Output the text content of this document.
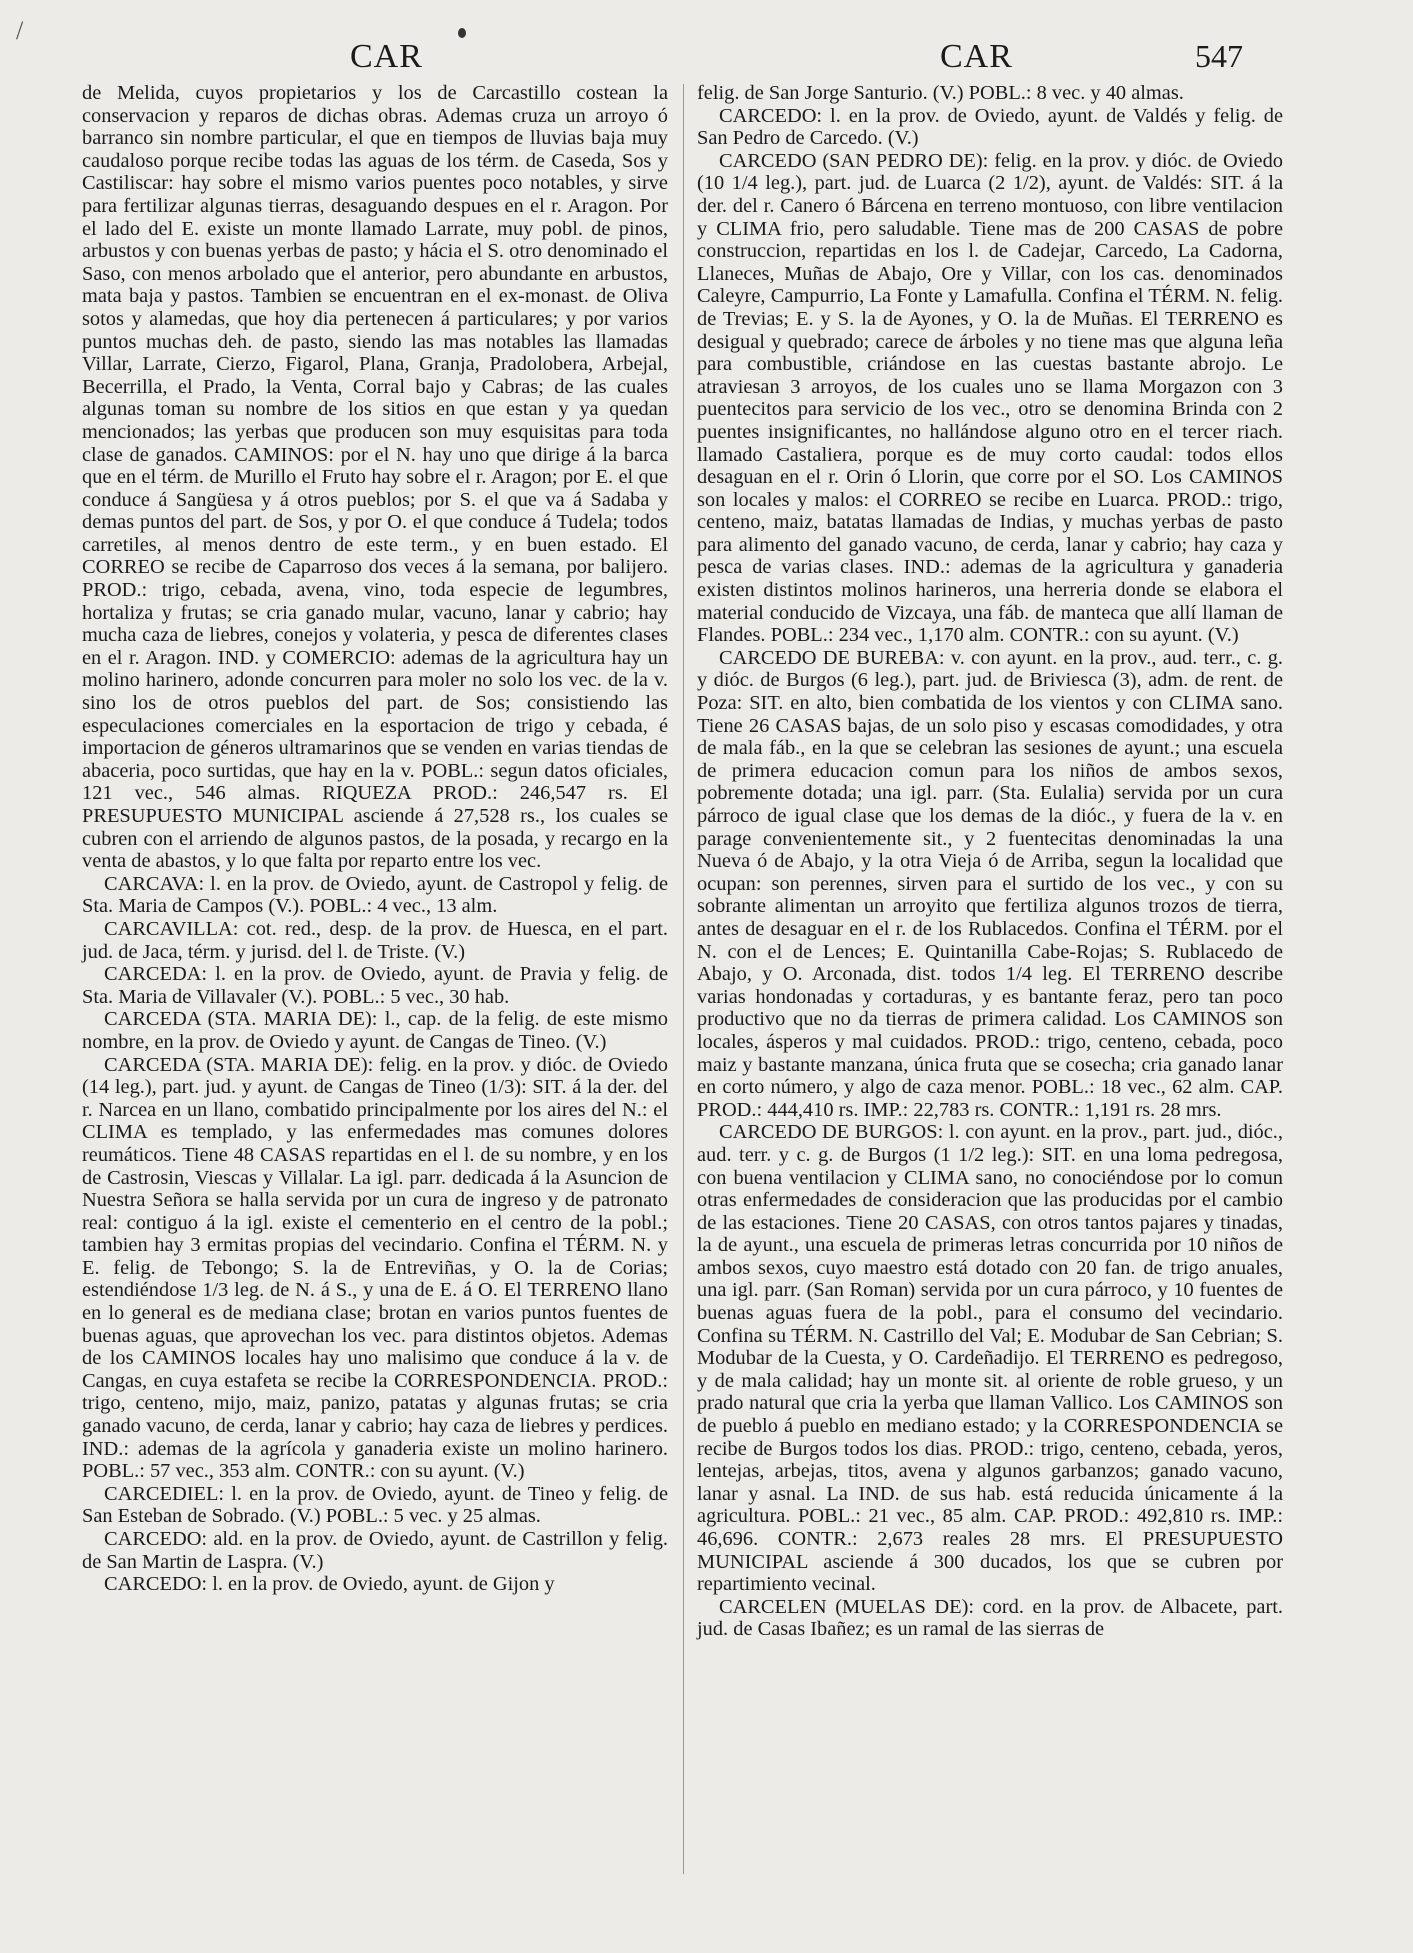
/
CAR	CAR	547

de Melida, cuyos propietarios y los de Carcastillo costean la conservacion y reparos de dichas obras. Ademas cruza un arroyo ó barranco sin nombre particular, el que en tiempos de lluvias baja muy caudaloso porque recibe todas las aguas de los térm. de Caseda, Sos y Castiliscar: hay sobre el mismo varios puentes poco notables, y sirve para fertilizar algunas tierras, desaguando despues en el r. Aragon. Por el lado del E. existe un monte llamado Larrate, muy pobl. de pinos, arbustos y con buenas yerbas de pasto; y hácia el S. otro denominado el Saso, con menos arbolado que el anterior, pero abundante en arbustos, mata baja y pastos. Tambien se encuentran en el ex-monast. de Oliva sotos y alamedas, que hoy dia pertenecen á particulares; y por varios puntos muchas deh. de pasto, siendo las mas notables las llamadas Villar, Larrate, Cierzo, Figarol, Plana, Granja, Pradolobera, Arbejal, Becerrilla, el Prado, la Venta, Corral bajo y Cabras; de las cuales algunas toman su nombre de los sitios en que estan y ya quedan mencionados; las yerbas que producen son muy esquisitas para toda clase de ganados. CAMINOS: por el N. hay uno que dirige á la barca que en el térm. de Murillo el Fruto hay sobre el r. Aragon; por E. el que conduce á Sangüesa y á otros pueblos; por S. el que va á Sadaba y demas puntos del part. de Sos, y por O. el que conduce á Tudela; todos carretiles, al menos dentro de este term., y en buen estado. El CORREO se recibe de Caparroso dos veces á la semana, por balijero. PROD.: trigo, cebada, avena, vino, toda especie de legumbres, hortaliza y frutas; se cria ganado mular, vacuno, lanar y cabrio; hay mucha caza de liebres, conejos y volateria, y pesca de diferentes clases en el r. Aragon. IND. y COMERCIO: ademas de la agricultura hay un molino harinero, adonde concurren para moler no solo los vec. de la v. sino los de otros pueblos del part. de Sos; consistiendo las especulaciones comerciales en la esportacion de trigo y cebada, é importacion de géneros ultramarinos que se venden en varias tiendas de abaceria, poco surtidas, que hay en la v. POBL.: segun datos oficiales, 121 vec., 546 almas. RIQUEZA PROD.: 246,547 rs. El PRESUPUESTO MUNICIPAL asciende á 27,528 rs., los cuales se cubren con el arriendo de algunos pastos, de la posada, y recargo en la venta de abastos, y lo que falta por reparto entre los vec.

CARCAVA: l. en la prov. de Oviedo, ayunt. de Castropol y felig. de Sta. Maria de Campos (V.). POBL.: 4 vec., 13 alm.

CARCAVILLA: cot. red., desp. de la prov. de Huesca, en el part. jud. de Jaca, térm. y jurisd. del l. de Triste. (V.)

CARCEDA: l. en la prov. de Oviedo, ayunt. de Pravia y felig. de Sta. Maria de Villavaler (V.). POBL.: 5 vec., 30 hab.

CARCEDA (STA. MARIA DE): l., cap. de la felig. de este mismo nombre, en la prov. de Oviedo y ayunt. de Cangas de Tineo. (V.)

CARCEDA (STA. MARIA DE): felig. en la prov. y dióc. de Oviedo (14 leg.), part. jud. y ayunt. de Cangas de Tineo (1/3): SIT. á la der. del r. Narcea en un llano, combatido principalmente por los aires del N.: el CLIMA es templado, y las enfermedades mas comunes dolores reumáticos. Tiene 48 CASAS repartidas en el l. de su nombre, y en los de Castrosin, Viescas y Villalar. La igl. parr. dedicada á la Asuncion de Nuestra Señora se halla servida por un cura de ingreso y de patronato real: contiguo á la igl. existe el cementerio en el centro de la pobl.; tambien hay 3 ermitas propias del vecindario. Confina el TÉRM. N. y E. felig. de Tebongo; S. la de Entreviñas, y O. la de Corias; estendiéndose 1/3 leg. de N. á S., y una de E. á O. El TERRENO llano en lo general es de mediana clase; brotan en varios puntos fuentes de buenas aguas, que aprovechan los vec. para distintos objetos. Ademas de los CAMINOS locales hay uno malisimo que conduce á la v. de Cangas, en cuya estafeta se recibe la CORRESPONDENCIA. PROD.: trigo, centeno, mijo, maiz, panizo, patatas y algunas frutas; se cria ganado vacuno, de cerda, lanar y cabrio; hay caza de liebres y perdices. IND.: ademas de la agrícola y ganaderia existe un molino harinero. POBL.: 57 vec., 353 alm. CONTR.: con su ayunt. (V.)

CARCEDIEL: l. en la prov. de Oviedo, ayunt. de Tineo y felig. de San Esteban de Sobrado. (V.) POBL.: 5 vec. y 25 almas.

CARCEDO: ald. en la prov. de Oviedo, ayunt. de Castrillon y felig. de San Martin de Laspra. (V.)

CARCEDO: l. en la prov. de Oviedo, ayunt. de Gijon y

felig. de San Jorge Santurio. (V.) POBL.: 8 vec. y 40 almas.

CARCEDO: l. en la prov. de Oviedo, ayunt. de Valdés y felig. de San Pedro de Carcedo. (V.)

CARCEDO (SAN PEDRO DE): felig. en la prov. y dióc. de Oviedo (10 1/4 leg.), part. jud. de Luarca (2 1/2), ayunt. de Valdés: SIT. á la der. del r. Canero ó Bárcena en terreno montuoso, con libre ventilacion y CLIMA frio, pero saludable. Tiene mas de 200 CASAS de pobre construccion, repartidas en los l. de Cadejar, Carcedo, La Cadorna, Llaneces, Muñas de Abajo, Ore y Villar, con los cas. denominados Caleyre, Campurrio, La Fonte y Lamafulla. Confina el TÉRM. N. felig. de Trevias; E. y S. la de Ayones, y O. la de Muñas. El TERRENO es desigual y quebrado; carece de árboles y no tiene mas que alguna leña para combustible, criándose en las cuestas bastante abrojo. Le atraviesan 3 arroyos, de los cuales uno se llama Morgazon con 3 puentecitos para servicio de los vec., otro se denomina Brinda con 2 puentes insignificantes, no hallándose alguno otro en el tercer riach. llamado Castaliera, porque es de muy corto caudal: todos ellos desaguan en el r. Orin ó Llorin, que corre por el SO. Los CAMINOS son locales y malos: el CORREO se recibe en Luarca. PROD.: trigo, centeno, maiz, batatas llamadas de Indias, y muchas yerbas de pasto para alimento del ganado vacuno, de cerda, lanar y cabrio; hay caza y pesca de varias clases. IND.: ademas de la agricultura y ganaderia existen distintos molinos harineros, una herreria donde se elabora el material conducido de Vizcaya, una fáb. de manteca que allí llaman de Flandes. POBL.: 234 vec., 1,170 alm. CONTR.: con su ayunt. (V.)

CARCEDO DE BUREBA: v. con ayunt. en la prov., aud. terr., c. g. y dióc. de Burgos (6 leg.), part. jud. de Briviesca (3), adm. de rent. de Poza: SIT. en alto, bien combatida de los vientos y con CLIMA sano. Tiene 26 CASAS bajas, de un solo piso y escasas comodidades, y otra de mala fáb., en la que se celebran las sesiones de ayunt.; una escuela de primera educacion comun para los niños de ambos sexos, pobremente dotada; una igl. parr. (Sta. Eulalia) servida por un cura párroco de igual clase que los demas de la dióc., y fuera de la v. en parage convenientemente sit., y 2 fuentecitas denominadas la una Nueva ó de Abajo, y la otra Vieja ó de Arriba, segun la localidad que ocupan: son perennes, sirven para el surtido de los vec., y con su sobrante alimentan un arroyito que fertiliza algunos trozos de tierra, antes de desaguar en el r. de los Rublacedos. Confina el TÉRM. por el N. con el de Lences; E. Quintanilla Cabe-Rojas; S. Rublacedo de Abajo, y O. Arconada, dist. todos 1/4 leg. El TERRENO describe varias hondonadas y cortaduras, y es bantante feraz, pero tan poco productivo que no da tierras de primera calidad. Los CAMINOS son locales, ásperos y mal cuidados. PROD.: trigo, centeno, cebada, poco maiz y bastante manzana, única fruta que se cosecha; cria ganado lanar en corto número, y algo de caza menor. POBL.: 18 vec., 62 alm. CAP. PROD.: 444,410 rs. IMP.: 22,783 rs. CONTR.: 1,191 rs. 28 mrs.

CARCEDO DE BURGOS: l. con ayunt. en la prov., part. jud., dióc., aud. terr. y c. g. de Burgos (1 1/2 leg.): SIT. en una loma pedregosa, con buena ventilacion y CLIMA sano, no conociéndose por lo comun otras enfermedades de consideracion que las producidas por el cambio de las estaciones. Tiene 20 CASAS, con otros tantos pajares y tinadas, la de ayunt., una escuela de primeras letras concurrida por 10 niños de ambos sexos, cuyo maestro está dotado con 20 fan. de trigo anuales, una igl. parr. (San Roman) servida por un cura párroco, y 10 fuentes de buenas aguas fuera de la pobl., para el consumo del vecindario. Confina su TÉRM. N. Castrillo del Val; E. Modubar de San Cebrian; S. Modubar de la Cuesta, y O. Cardeñadijo. El TERRENO es pedregoso, y de mala calidad; hay un monte sit. al oriente de roble grueso, y un prado natural que cria la yerba que llaman Vallico. Los CAMINOS son de pueblo á pueblo en mediano estado; y la CORRESPONDENCIA se recibe de Burgos todos los dias. PROD.: trigo, centeno, cebada, yeros, lentejas, arbejas, titos, avena y algunos garbanzos; ganado vacuno, lanar y asnal. La IND. de sus hab. está reducida únicamente á la agricultura. POBL.: 21 vec., 85 alm. CAP. PROD.: 492,810 rs. IMP.: 46,696. CONTR.: 2,673 reales 28 mrs. El PRESUPUESTO MUNICIPAL asciende á 300 ducados, los que se cubren por repartimiento vecinal.

CARCELEN (MUELAS DE): cord. en la prov. de Albacete, part. jud. de Casas Ibañez; es un ramal de las sierras de
